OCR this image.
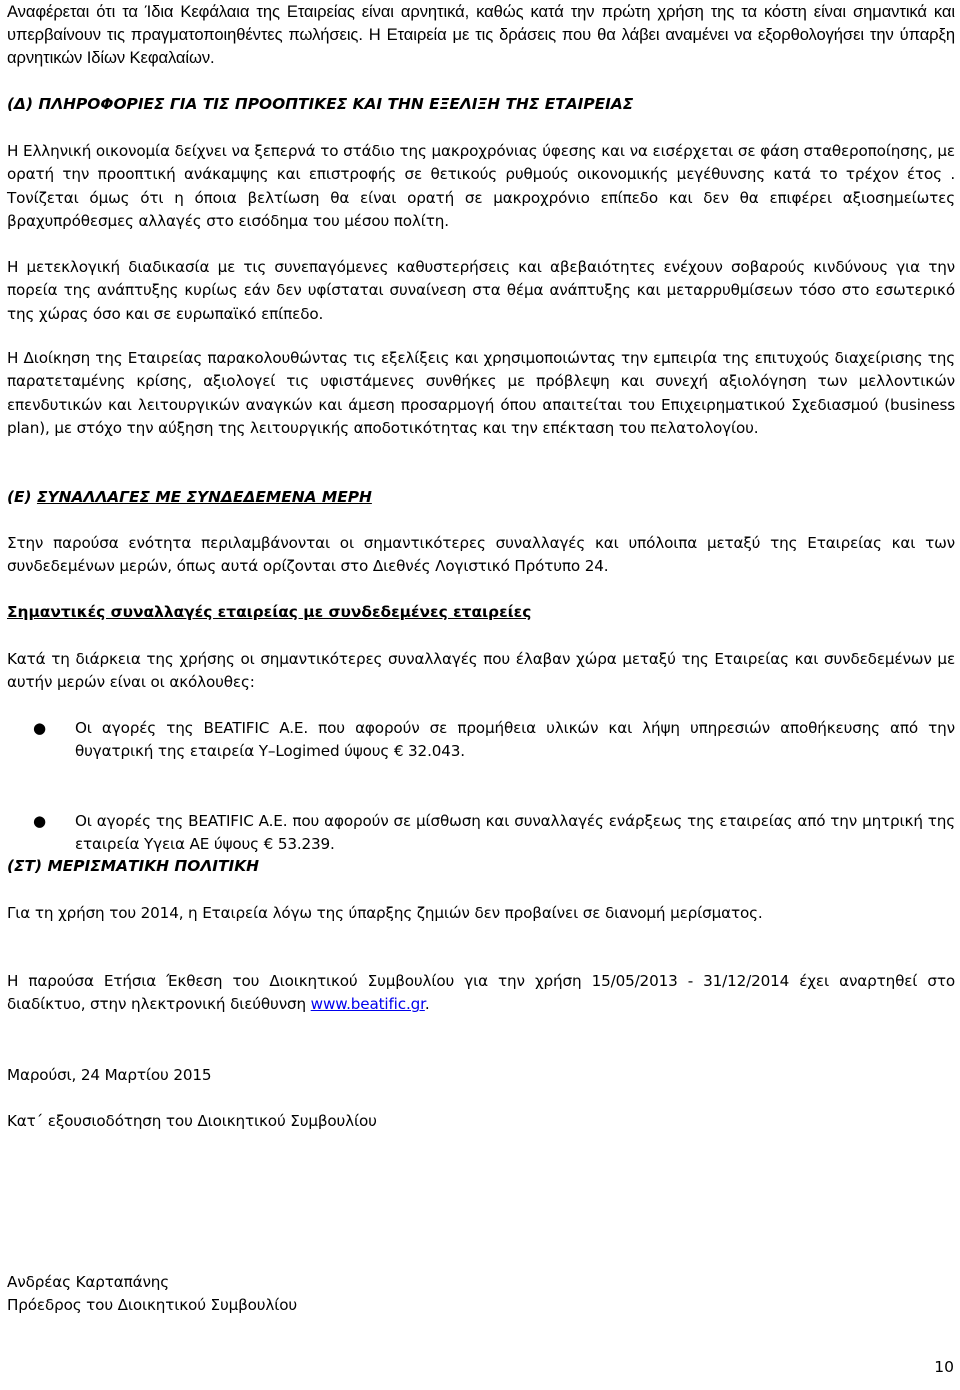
Αναφέρεται ότι τα Ίδια Κεφάλαια της Εταιρείας είναι αρνητικά, καθώς κατά την πρώτη χρήση της τα κόστη είναι σημαντικά και υπερβαίνουν τις πραγματοποιηθέντες πωλήσεις. Η Εταιρεία με τις δράσεις που θα λάβει αναμένει να εξορθολογήσει την ύπαρξη αρνητικών Ιδίων Κεφαλαίων.

(Δ) ΠΛΗΡΟΦΟΡΙΕΣ ΓΙΑ ΤΙΣ ΠΡΟΟΠΤΙΚΕΣ ΚΑΙ ΤΗΝ ΕΞΕΛΙΞΗ ΤΗΣ ΕΤΑΙΡΕΙΑΣ

Η Ελληνική οικονομία δείχνει να ξεπερνά το στάδιο της μακροχρόνιας ύφεσης και να εισέρχεται σε φάση σταθεροποίησης, με ορατή την προοπτική ανάκαμψης και επιστροφής σε θετικούς ρυθμούς οικονομικής μεγέθυνσης κατά το τρέχον έτος . Τονίζεται όμως ότι η όποια βελτίωση θα είναι ορατή σε μακροχρόνιο επίπεδο και δεν θα επιφέρει αξιοσημείωτες βραχυπρόθεσμες αλλαγές στο εισόδημα του μέσου πολίτη.

Η μετεκλογική διαδικασία με τις συνεπαγόμενες καθυστερήσεις και αβεβαιότητες ενέχουν σοβαρούς κινδύνους για την πορεία της ανάπτυξης κυρίως εάν δεν υφίσταται συναίνεση στα θέμα ανάπτυξης και μεταρρυθμίσεων τόσο στο εσωτερικό της χώρας όσο και σε ευρωπαϊκό επίπεδο.

Η Διοίκηση της Εταιρείας παρακολουθώντας τις εξελίξεις και χρησιμοποιώντας την εμπειρία της επιτυχούς διαχείρισης της παρατεταμένης κρίσης, αξιολογεί τις υφιστάμενες συνθήκες με πρόβλεψη και συνεχή αξιολόγηση των μελλοντικών επενδυτικών και λειτουργικών αναγκών και άμεση προσαρμογή όπου απαιτείται του Επιχειρηματικού Σχεδιασμού (business plan), με στόχο την αύξηση της λειτουργικής αποδοτικότητας και την επέκταση του πελατολογίου.

(Ε) ΣΥΝΑΛΛΑΓΕΣ ΜΕ ΣΥΝΔΕΔΕΜΕΝΑ ΜΕΡΗ

Στην παρούσα ενότητα περιλαμβάνονται οι σημαντικότερες συναλλαγές και υπόλοιπα μεταξύ της Εταιρείας και των συνδεδεμένων μερών, όπως αυτά ορίζονται στο Διεθνές Λογιστικό Πρότυπο 24.

Σημαντικές συναλλαγές εταιρείας με συνδεδεμένες εταιρείες

Κατά τη διάρκεια της χρήσης οι σημαντικότερες συναλλαγές που έλαβαν χώρα μεταξύ της Εταιρείας και συνδεδεμένων με αυτήν μερών είναι οι ακόλουθες:

● Οι αγορές της BEATIFIC A.E. που αφορούν σε προμήθεια υλικών και λήψη υπηρεσιών αποθήκευσης από την θυγατρική της εταιρεία Y–Logimed ύψους € 32.043.
● Οι αγορές της BEATIFIC A.E. που αφορούν σε μίσθωση και συναλλαγές ενάρξεως της εταιρείας από την μητρική της εταιρεία Υγεια ΑΕ ύψους € 53.239.

(ΣΤ) ΜΕΡΙΣΜΑΤΙΚΗ ΠΟΛΙΤΙΚΗ

Για τη χρήση του 2014, η Εταιρεία λόγω της ύπαρξης ζημιών δεν προβαίνει σε διανομή μερίσματος.

Η παρούσα Ετήσια Έκθεση του Διοικητικού Συμβουλίου για την χρήση 15/05/2013 - 31/12/2014 έχει αναρτηθεί στο διαδίκτυο, στην ηλεκτρονική διεύθυνση www.beatific.gr.

Μαρούσι, 24 Μαρτίου 2015

Κατ΄ εξουσιοδότηση του Διοικητικού Συμβουλίου

Ανδρέας Καρταπάνης

Πρόεδρος του Διοικητικού Συμβουλίου

10
